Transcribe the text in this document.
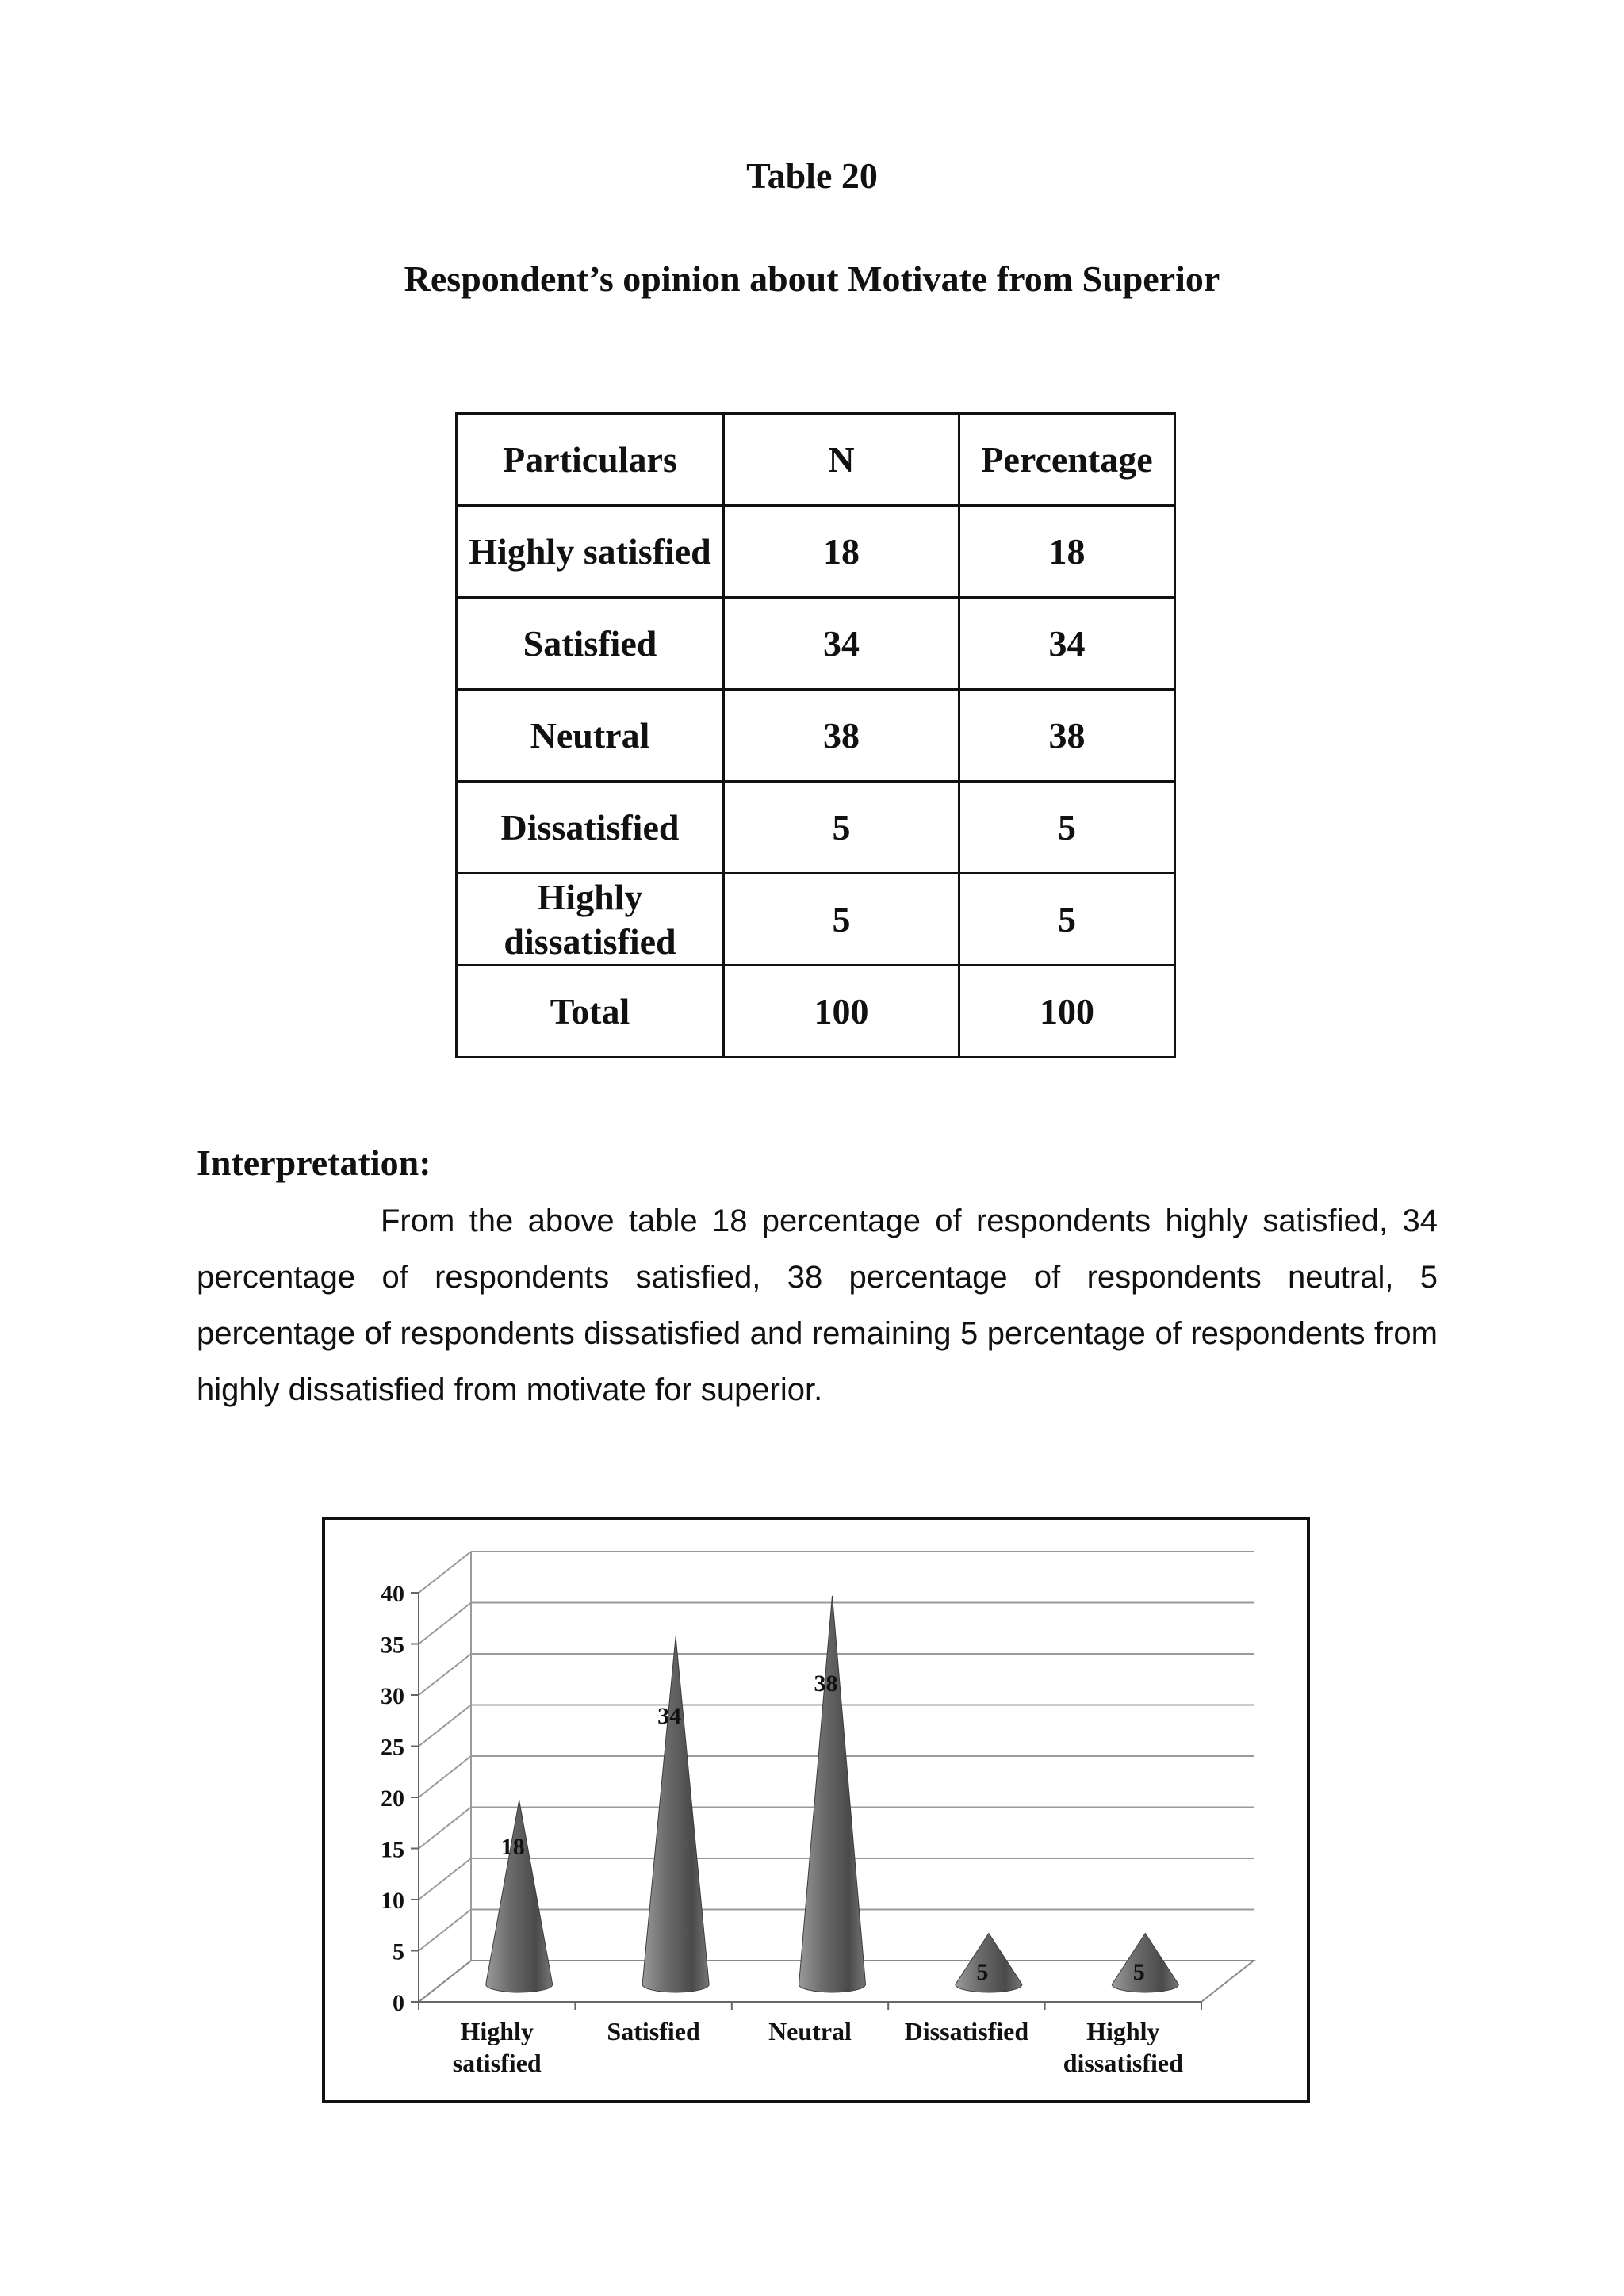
Table 20
Respondent’s opinion about Motivate from Superior
Particulars	N	Percentage
Highly satisfied	18	18
Satisfied	34	34
Neutral	38	38
Dissatisfied	5	5
Highly dissatisfied	5	5
Total	100	100
Interpretation:
From the above table 18 percentage of respondents highly satisfied, 34 percentage of respondents satisfied, 38 percentage of respondents neutral, 5 percentage of respondents dissatisfied and remaining 5 percentage of respondents from highly dissatisfied from motivate for superior.
0
5
10
15
20
25
30
35
40
18
Highly
satisfied
34
Satisfied
38
Neutral
5
Dissatisfied
5
Highly
dissatisfied
